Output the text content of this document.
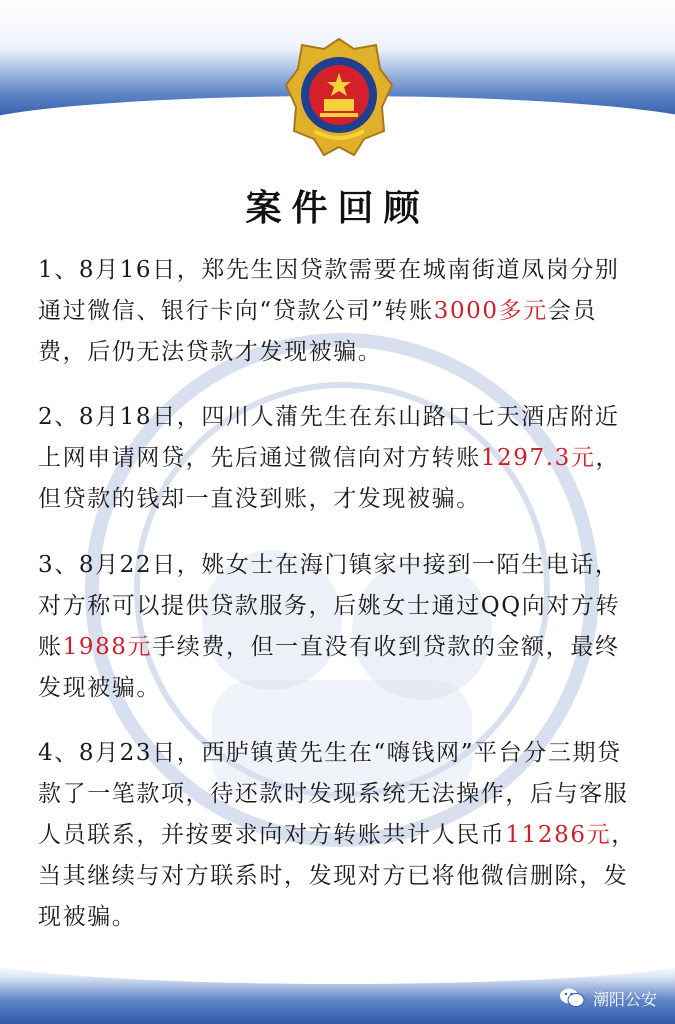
案件回顾
1、8月16日，郑先生因贷款需要在城南街道凤岗分别通过微信、银行卡向“贷款公司”转账3000多元会员费，后仍无法贷款才发现被骗。
2、8月18日，四川人蒲先生在东山路口七天酒店附近上网申请网贷，先后通过微信向对方转账1297.3元，但贷款的钱却一直没到账，才发现被骗。
3、8月22日，姚女士在海门镇家中接到一陌生电话，对方称可以提供贷款服务，后姚女士通过QQ向对方转账1988元手续费，但一直没有收到贷款的金额，最终发现被骗。
4、8月23日，西胪镇黄先生在“嗨钱网”平台分三期贷款了一笔款项，待还款时发现系统无法操作，后与客服人员联系，并按要求向对方转账共计人民币11286元，当其继续与对方联系时，发现对方已将他微信删除，发现被骗。
潮阳公安
